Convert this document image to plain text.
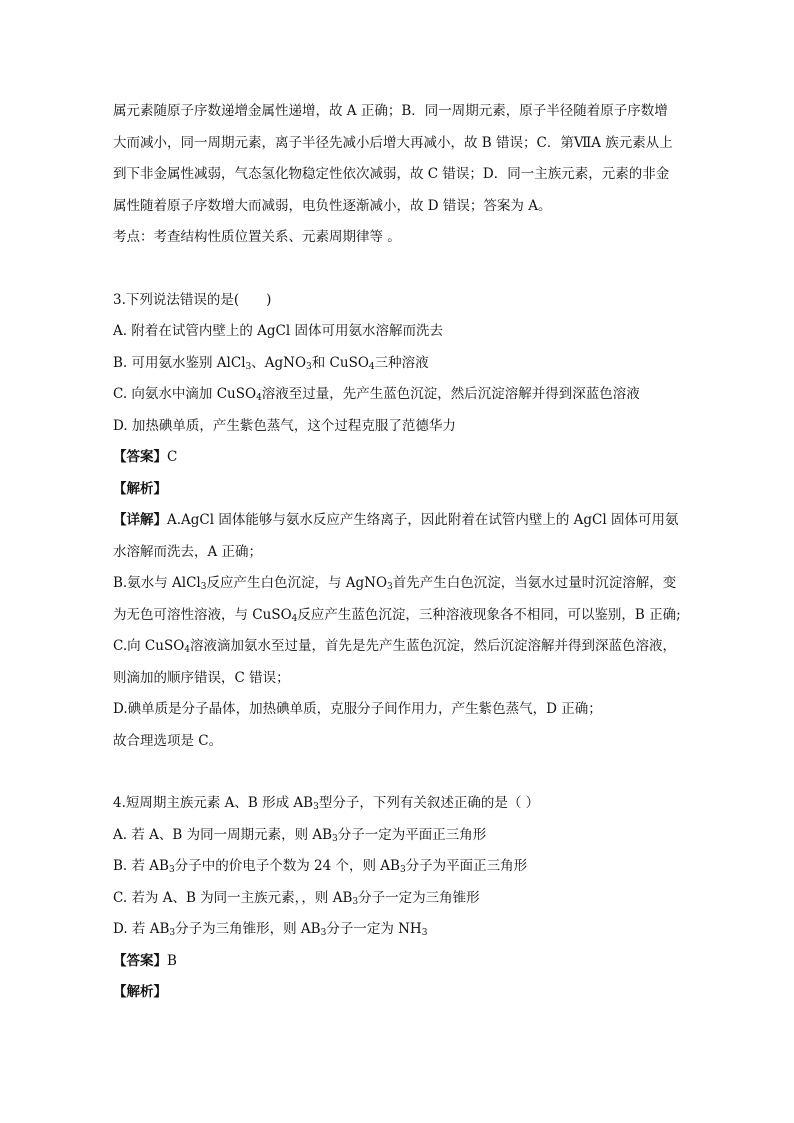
属元素随原子序数递增金属性递增，故 A 正确；B．同一周期元素，原子半径随着原子序数增
大而减小，同一周期元素，离子半径先减小后增大再减小，故 B 错误；C．第ⅦA 族元素从上
到下非金属性减弱，气态氢化物稳定性依次减弱，故 C 错误；D．同一主族元素，元素的非金
属性随着原子序数增大而减弱，电负性逐渐减小，故 D 错误；答案为 A。
考点：考查结构性质位置关系、元素周期律等 。
3.下列说法错误的是(　　)
A. 附着在试管内壁上的 AgCl 固体可用氨水溶解而洗去
B. 可用氨水鉴别 AlCl$_3$、AgNO$_3$和 CuSO$_4$三种溶液
C. 向氨水中滴加 CuSO$_4$溶液至过量，先产生蓝色沉淀，然后沉淀溶解并得到深蓝色溶液
D. 加热碘单质，产生紫色蒸气，这个过程克服了范德华力
【答案】C
【解析】
【详解】A.AgCl 固体能够与氨水反应产生络离子，因此附着在试管内壁上的 AgCl 固体可用氨
水溶解而洗去，A 正确；
B.氨水与 AlCl$_3$反应产生白色沉淀，与 AgNO$_3$首先产生白色沉淀，当氨水过量时沉淀溶解，变
为无色可溶性溶液，与 CuSO$_4$反应产生蓝色沉淀，三种溶液现象各不相同，可以鉴别，B 正确;
C.向 CuSO$_4$溶液滴加氨水至过量，首先是先产生蓝色沉淀，然后沉淀溶解并得到深蓝色溶液，
则滴加的顺序错误，C 错误；
D.碘单质是分子晶体，加热碘单质，克服分子间作用力，产生紫色蒸气，D 正确；
故合理选项是 C。
4.短周期主族元素 A、B 形成 $AB_3$型分子，下列有关叙述正确的是（ ）
A. 若 A、B 为同一周期元素，则 $AB_3$分子一定为平面正三角形
B. 若 $AB_3$分子中的价电子个数为 24 个，则 $AB_3$分子为平面正三角形
C. 若为 A、B 为同一主族元素，，则 $AB_3$分子一定为三角锥形
D. 若 $AB_3$分子为三角锥形，则 $AB_3$分子一定为 $NH_3$
【答案】B
【解析】
